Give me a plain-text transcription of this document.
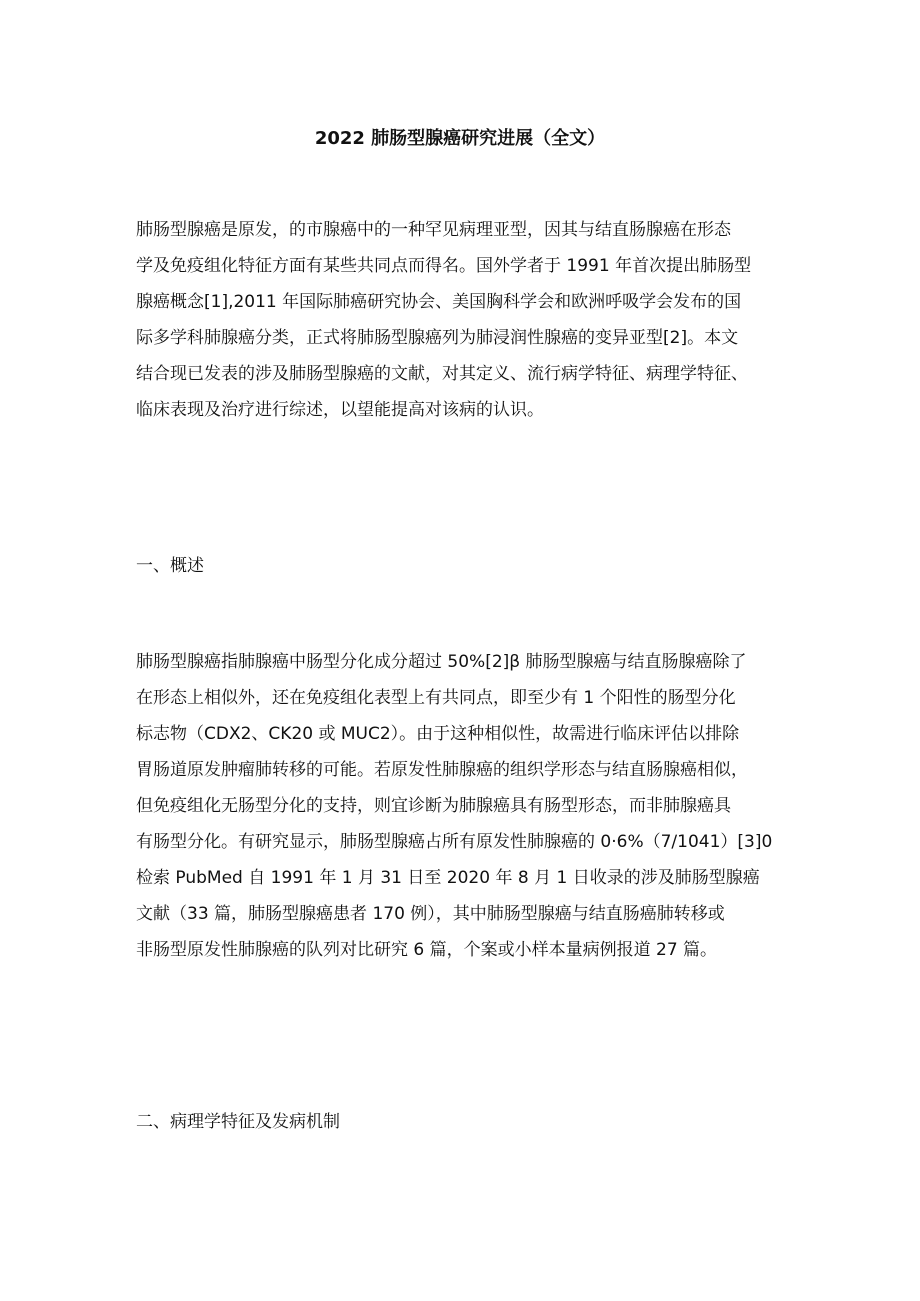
2022 肺肠型腺癌研究进展（全文）
肺肠型腺癌是原发，的市腺癌中的一种罕见病理亚型，因其与结直肠腺癌在形态
学及免疫组化特征方面有某些共同点而得名。国外学者于 1991 年首次提出肺肠型
腺癌概念[1],2011 年国际肺癌研究协会、美国胸科学会和欧洲呼吸学会发布的国
际多学科肺腺癌分类，正式将肺肠型腺癌列为肺浸润性腺癌的变异亚型[2]。本文
结合现已发表的涉及肺肠型腺癌的文献，对其定义、流行病学特征、病理学特征、
临床表现及治疗进行综述，以望能提高对该病的认识。
一、概述
肺肠型腺癌指肺腺癌中肠型分化成分超过 50%[2]β 肺肠型腺癌与结直肠腺癌除了
在形态上相似外，还在免疫组化表型上有共同点，即至少有 1 个阳性的肠型分化
标志物（CDX2、CK20 或 MUC2）。由于这种相似性，故需进行临床评估以排除
胃肠道原发肿瘤肺转移的可能。若原发性肺腺癌的组织学形态与结直肠腺癌相似，
但免疫组化无肠型分化的支持，则宜诊断为肺腺癌具有肠型形态，而非肺腺癌具
有肠型分化。有研究显示，肺肠型腺癌占所有原发性肺腺癌的 0·6%（7∕1041）[3]0
检索 PubMed 自 1991 年 1 月 31 日至 2020 年 8 月 1 日收录的涉及肺肠型腺癌
文献（33 篇，肺肠型腺癌患者 170 例），其中肺肠型腺癌与结直肠癌肺转移或
非肠型原发性肺腺癌的队列对比研究 6 篇，个案或小样本量病例报道 27 篇。
二、病理学特征及发病机制
